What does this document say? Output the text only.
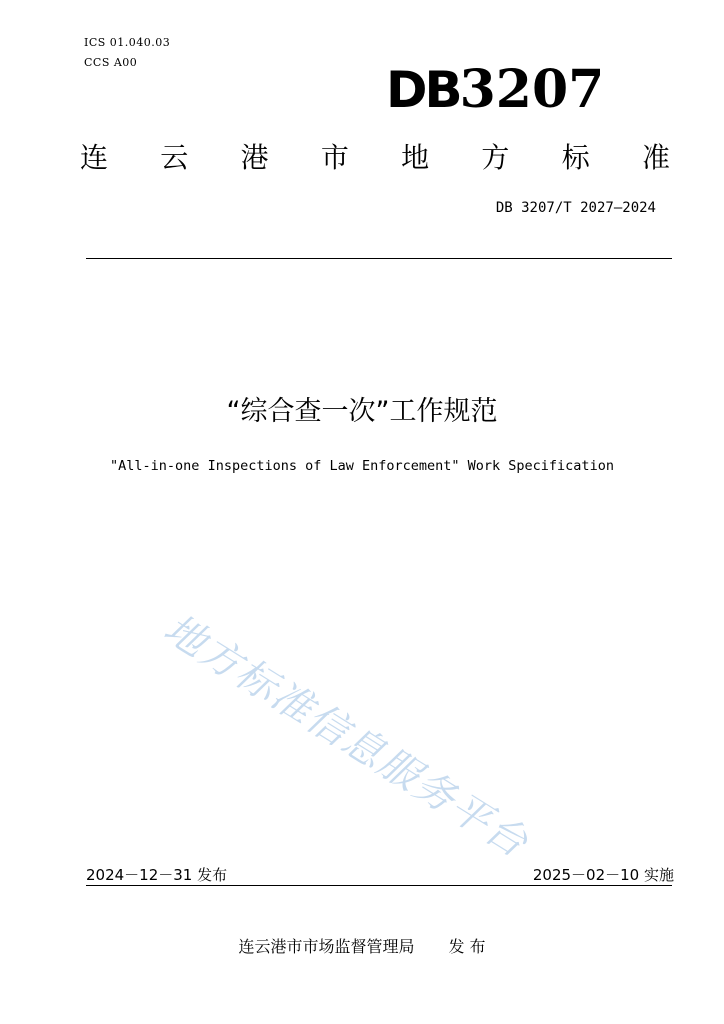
ICS 01.040.03
CCS A00	DB3207
连 云 港 市 地 方 标 准
DB 3207/T 2027—2024
“综合查一次”工作规范
"All-in-one Inspections of Law Enforcement" Work Specification
地方标准信息服务平台
2024－12－31 发布	2025－02－10 实施
连云港市市场监督管理局 发 布
